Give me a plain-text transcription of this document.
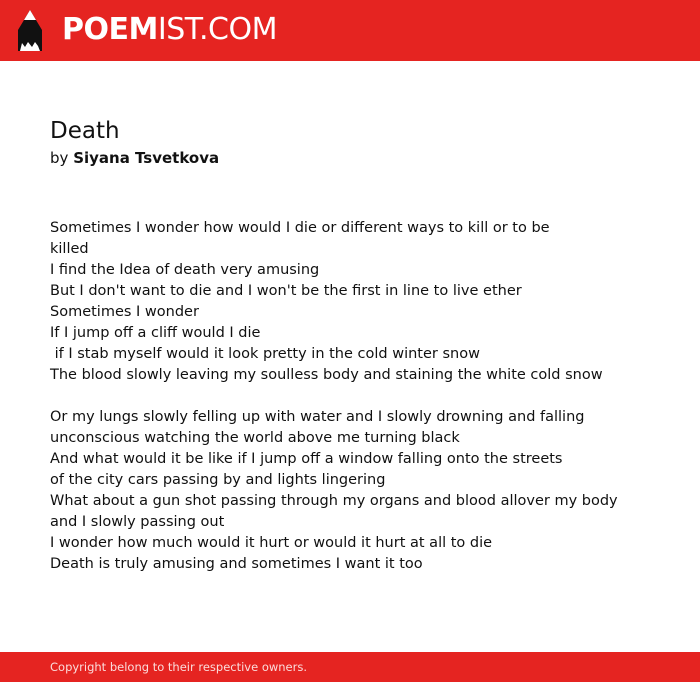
POEMIST.COM
Death
by Siyana Tsvetkova
Sometimes I wonder how would I die or different ways to kill or to be
killed
I find the Idea of death very amusing
But I don't want to die and I won't be the first in line to live ether
Sometimes I wonder
If I jump off a cliff would I die
if I stab myself would it look pretty in the cold winter snow
The blood slowly leaving my soulless body and staining the white cold snow
Or my lungs slowly felling up with water and I slowly drowning and falling
unconscious watching the world above me turning black
And what would it be like if I jump off a window falling onto the streets
of the city cars passing by and lights lingering
What about a gun shot passing through my organs and blood allover my body
and I slowly passing out
I wonder how much would it hurt or would it hurt at all to die
Death is truly amusing and sometimes I want it too
Copyright belong to their respective owners.
